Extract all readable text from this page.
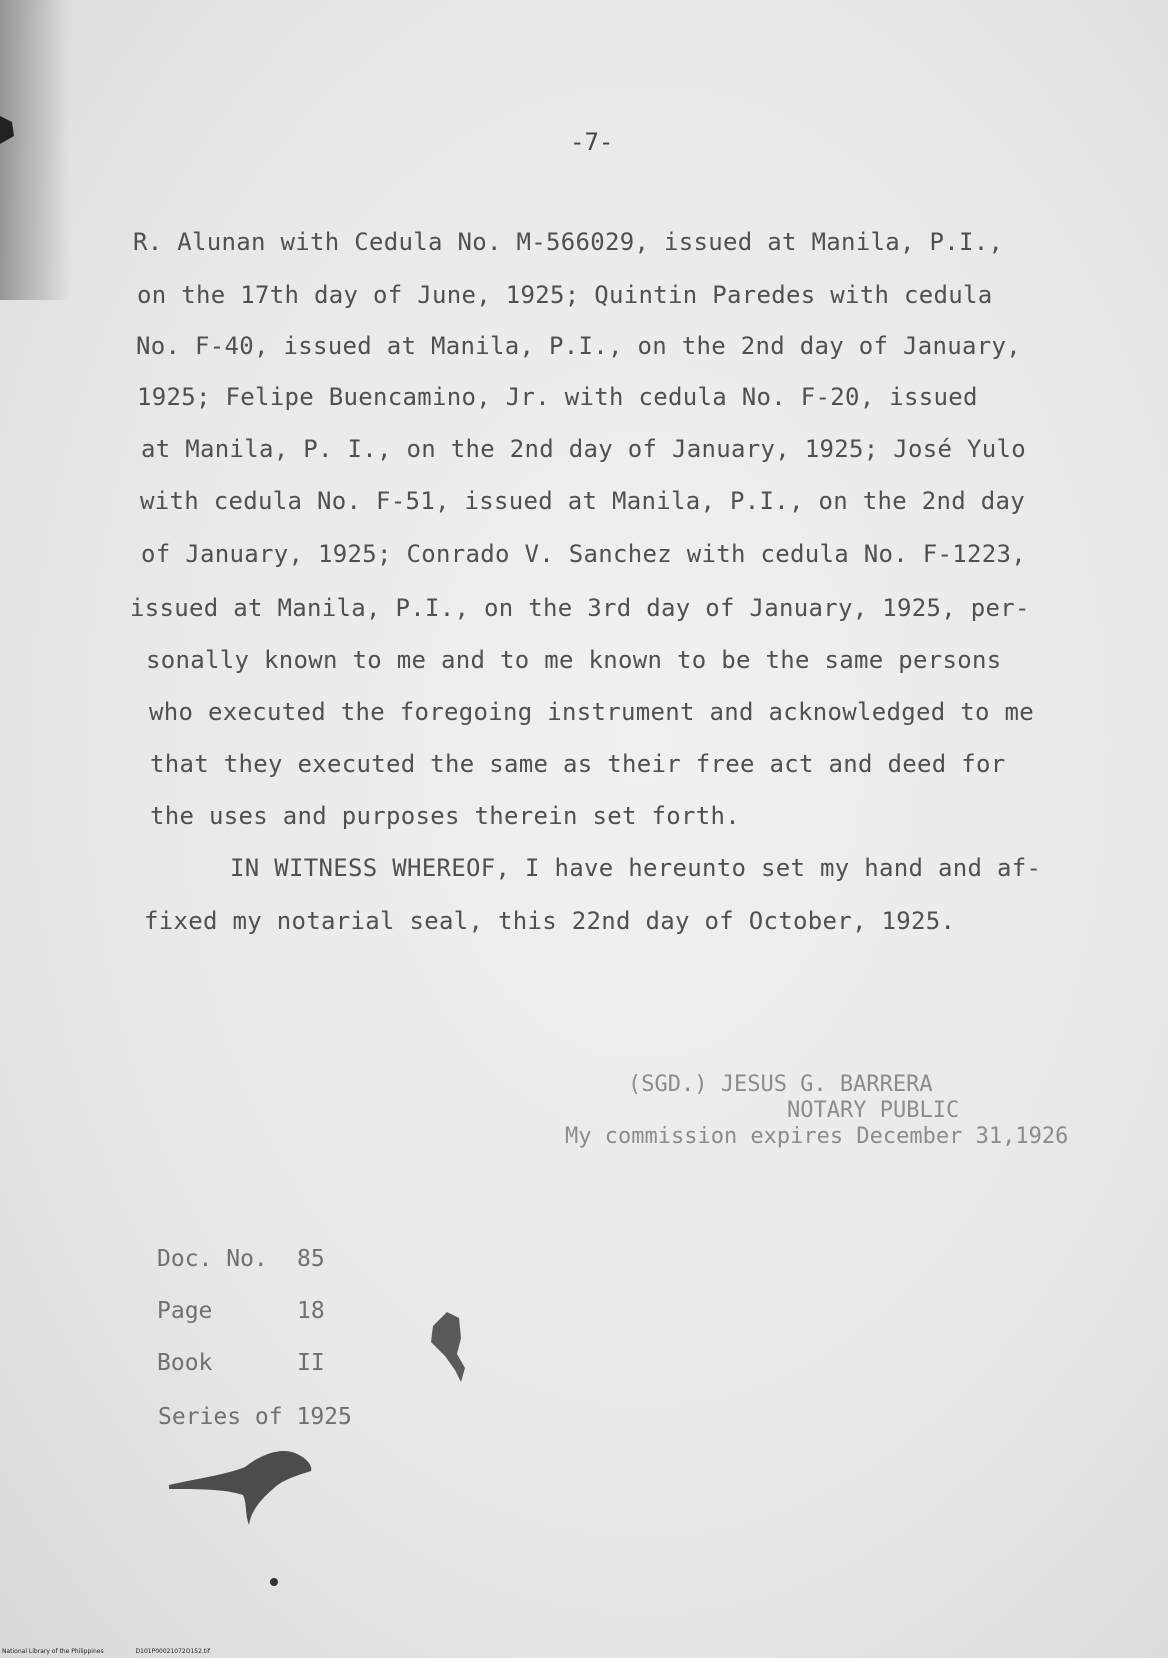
-7-
R. Alunan with Cedula No. M-566029, issued at Manila, P.I.,
on the 17th day of June, 1925; Quintin Paredes with cedula
No. F-40, issued at Manila, P.I., on the 2nd day of January,
1925; Felipe Buencamino, Jr. with cedula No. F-20, issued
at Manila, P. I., on the 2nd day of January, 1925; José Yulo
with cedula No. F-51, issued at Manila, P.I., on the 2nd day
of January, 1925; Conrado V. Sanchez with cedula No. F-1223,
issued at Manila, P.I., on the 3rd day of January, 1925, per-
sonally known to me and to me known to be the same persons
who executed the foregoing instrument and acknowledged to me
that they executed the same as their free act and deed for
the uses and purposes therein set forth.
IN WITNESS WHEREOF, I have hereunto set my hand and af-
fixed my notarial seal, this 22nd day of October, 1925.
(SGD.) JESUS G. BARRERA
NOTARY PUBLIC
My commission expires December 31,1926
Doc. No. 85
Page	18
Book	II
Series of 1925
National Library of the Philippines	D101P00021072O152.tif
